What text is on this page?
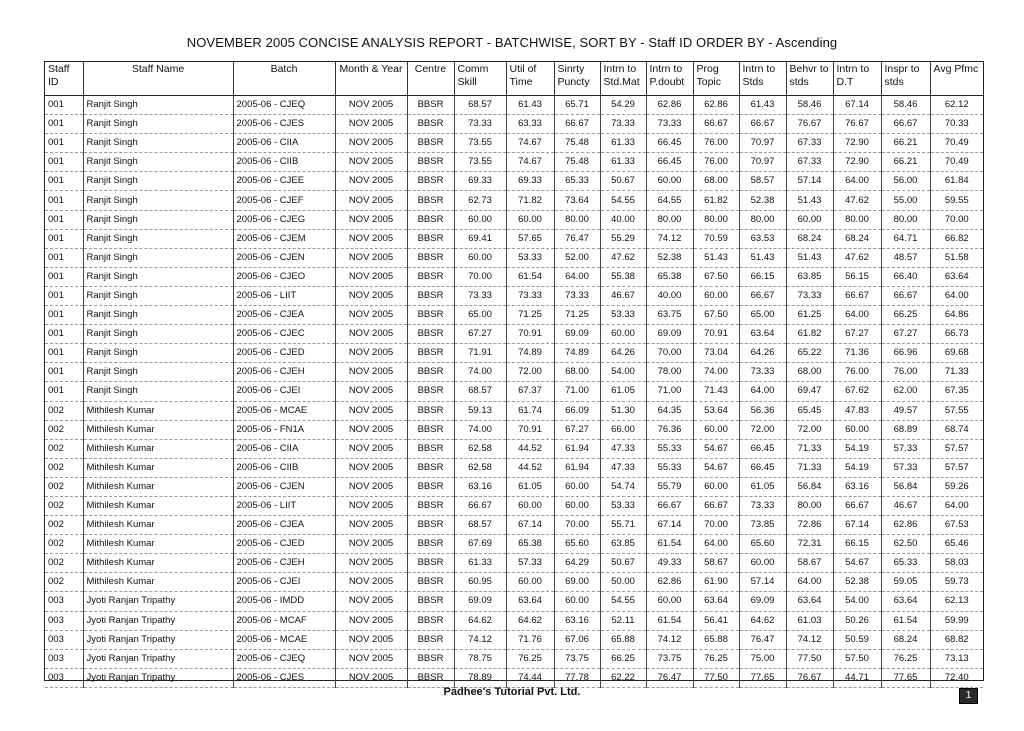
NOVEMBER 2005 CONCISE ANALYSIS REPORT - BATCHWISE, SORT BY - Staff ID ORDER BY - Ascending
Staff ID	Staff Name	Batch	Month & Year	Centre	Comm Skill	Util of Time	Sinrty Puncty	Intrn to Std.Mat	Intrn to P.doubt	Prog Topic	Intrn to Stds	Behvr to stds	Intrn to D.T	Inspr to stds	Avg Pfmc
001	Ranjit Singh	2005-06 - CJEQ	NOV 2005	BBSR	68.57	61.43	65.71	54.29	62.86	62.86	61.43	58.46	67.14	58.46	62.12
001	Ranjit Singh	2005-06 - CJES	NOV 2005	BBSR	73.33	63.33	66.67	73.33	73.33	66.67	66.67	76.67	76.67	66.67	70.33
001	Ranjit Singh	2005-06 - CIIA	NOV 2005	BBSR	73.55	74.67	75.48	61.33	66.45	76.00	70.97	67.33	72.90	66.21	70.49
001	Ranjit Singh	2005-06 - CIIB	NOV 2005	BBSR	73.55	74.67	75.48	61.33	66.45	76.00	70.97	67.33	72.90	66.21	70.49
001	Ranjit Singh	2005-06 - CJEE	NOV 2005	BBSR	69.33	69.33	65.33	50.67	60.00	68.00	58.57	57.14	64.00	56.00	61.84
001	Ranjit Singh	2005-06 - CJEF	NOV 2005	BBSR	62.73	71.82	73.64	54.55	64.55	61.82	52.38	51.43	47.62	55.00	59.55
001	Ranjit Singh	2005-06 - CJEG	NOV 2005	BBSR	60.00	60.00	80.00	40.00	80.00	80.00	80.00	60.00	80.00	80.00	70.00
001	Ranjit Singh	2005-06 - CJEM	NOV 2005	BBSR	69.41	57.65	76.47	55.29	74.12	70.59	63.53	68.24	68.24	64.71	66.82
001	Ranjit Singh	2005-06 - CJEN	NOV 2005	BBSR	60.00	53.33	52.00	47.62	52.38	51.43	51.43	51.43	47.62	48.57	51.58
001	Ranjit Singh	2005-06 - CJEO	NOV 2005	BBSR	70.00	61.54	64.00	55.38	65.38	67.50	66.15	63.85	56.15	66.40	63.64
001	Ranjit Singh	2005-06 - LIIT	NOV 2005	BBSR	73.33	73.33	73.33	46.67	40.00	60.00	66.67	73.33	66.67	66.67	64.00
001	Ranjit Singh	2005-06 - CJEA	NOV 2005	BBSR	65.00	71.25	71.25	53.33	63.75	67.50	65.00	61.25	64.00	66.25	64.86
001	Ranjit Singh	2005-06 - CJEC	NOV 2005	BBSR	67.27	70.91	69.09	60.00	69.09	70.91	63.64	61.82	67.27	67.27	66.73
001	Ranjit Singh	2005-06 - CJED	NOV 2005	BBSR	71.91	74.89	74.89	64.26	70.00	73.04	64.26	65.22	71.36	66.96	69.68
001	Ranjit Singh	2005-06 - CJEH	NOV 2005	BBSR	74.00	72.00	68.00	54.00	78.00	74.00	73.33	68.00	76.00	76.00	71.33
001	Ranjit Singh	2005-06 - CJEI	NOV 2005	BBSR	68.57	67.37	71.00	61.05	71.00	71.43	64.00	69.47	67.62	62.00	67.35
002	Mithilesh Kumar	2005-06 - MCAE	NOV 2005	BBSR	59.13	61.74	66.09	51.30	64.35	53.64	56.36	65.45	47.83	49.57	57.55
002	Mithilesh Kumar	2005-06 - FN1A	NOV 2005	BBSR	74.00	70.91	67.27	66.00	76.36	60.00	72.00	72.00	60.00	68.89	68.74
002	Mithilesh Kumar	2005-06 - CIIA	NOV 2005	BBSR	62.58	44.52	61.94	47.33	55.33	54.67	66.45	71.33	54.19	57.33	57.57
002	Mithilesh Kumar	2005-06 - CIIB	NOV 2005	BBSR	62.58	44.52	61.94	47.33	55.33	54.67	66.45	71.33	54.19	57.33	57.57
002	Mithilesh Kumar	2005-06 - CJEN	NOV 2005	BBSR	63.16	61.05	60.00	54.74	55.79	60.00	61.05	56.84	63.16	56.84	59.26
002	Mithilesh Kumar	2005-06 - LIIT	NOV 2005	BBSR	66.67	60.00	60.00	53.33	66.67	66.67	73.33	80.00	66.67	46.67	64.00
002	Mithilesh Kumar	2005-06 - CJEA	NOV 2005	BBSR	68.57	67.14	70.00	55.71	67.14	70.00	73.85	72.86	67.14	62.86	67.53
002	Mithilesh Kumar	2005-06 - CJED	NOV 2005	BBSR	67.69	65.38	65.60	63.85	61.54	64.00	65.60	72.31	66.15	62.50	65.46
002	Mithilesh Kumar	2005-06 - CJEH	NOV 2005	BBSR	61.33	57.33	64.29	50.67	49.33	58.67	60.00	58.67	54.67	65.33	58.03
002	Mithilesh Kumar	2005-06 - CJEI	NOV 2005	BBSR	60.95	60.00	69.00	50.00	62.86	61.90	57.14	64.00	52.38	59.05	59.73
003	Jyoti Ranjan Tripathy	2005-06 - IMDD	NOV 2005	BBSR	69.09	63.64	60.00	54.55	60.00	63.64	69.09	63.64	54.00	63.64	62.13
003	Jyoti Ranjan Tripathy	2005-06 - MCAF	NOV 2005	BBSR	64.62	64.62	63.16	52.11	61.54	56.41	64.62	61.03	50.26	61.54	59.99
003	Jyoti Ranjan Tripathy	2005-06 - MCAE	NOV 2005	BBSR	74.12	71.76	67.06	65.88	74.12	65.88	76.47	74.12	50.59	68.24	68.82
003	Jyoti Ranjan Tripathy	2005-06 - CJEQ	NOV 2005	BBSR	78.75	76.25	73.75	66.25	73.75	76.25	75.00	77.50	57.50	76.25	73.13
003	Jyoti Ranjan Tripathy	2005-06 - CJES	NOV 2005	BBSR	78.89	74.44	77.78	62.22	76.47	77.50	77.65	76.67	44.71	77.65	72.40
Padhee's Tutorial Pvt. Ltd.	1
